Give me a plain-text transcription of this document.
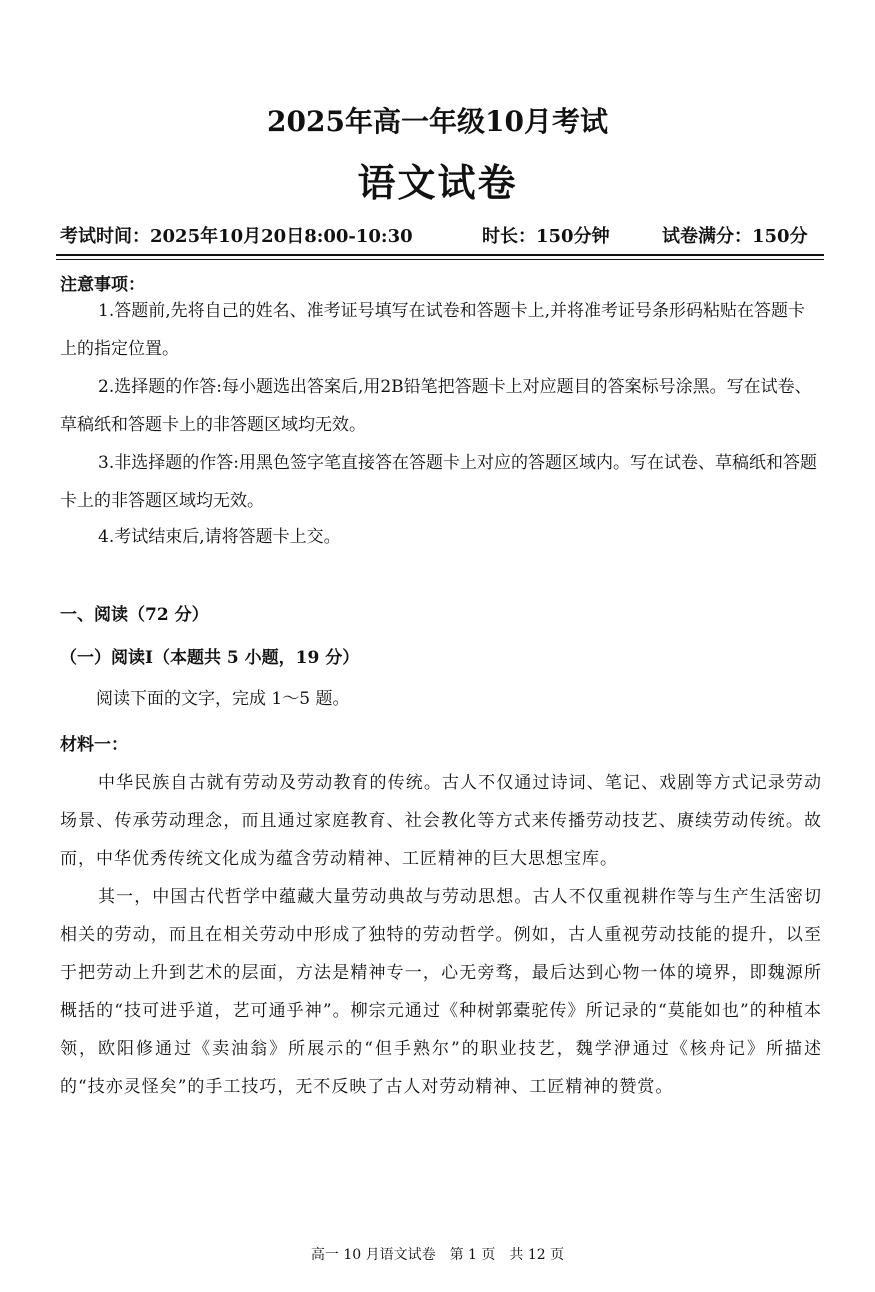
2025年高一年级10月考试
语文试卷
考试时间：2025年10月20日8:00-10:30	时长：150分钟	试卷满分：150分
注意事项：

1.答题前,先将自己的姓名、准考证号填写在试卷和答题卡上,并将准考证号条形码粘贴在答题卡上的指定位置。

2.选择题的作答:每小题选出答案后,用2B铅笔把答题卡上对应题目的答案标号涂黑。写在试卷、草稿纸和答题卡上的非答题区域均无效。

3.非选择题的作答:用黑色签字笔直接答在答题卡上对应的答题区域内。写在试卷、草稿纸和答题卡上的非答题区域均无效。

4.考试结束后,请将答题卡上交。

一、阅读（72 分）
（一）阅读Ⅰ（本题共 5 小题，19 分）
阅读下面的文字，完成 1～5 题。
材料一：

中华民族自古就有劳动及劳动教育的传统。古人不仅通过诗词、笔记、戏剧等方式记录劳动场景、传承劳动理念，而且通过家庭教育、社会教化等方式来传播劳动技艺、赓续劳动传统。故而，中华优秀传统文化成为蕴含劳动精神、工匠精神的巨大思想宝库。

其一，中国古代哲学中蕴藏大量劳动典故与劳动思想。古人不仅重视耕作等与生产生活密切相关的劳动，而且在相关劳动中形成了独特的劳动哲学。例如，古人重视劳动技能的提升，以至于把劳动上升到艺术的层面，方法是精神专一，心无旁骛，最后达到心物一体的境界，即魏源所概括的“技可进乎道，艺可通乎神”。柳宗元通过《种树郭橐驼传》所记录的“莫能如也”的种植本领，欧阳修通过《卖油翁》所展示的“但手熟尔”的职业技艺，魏学洢通过《核舟记》所描述的“技亦灵怪矣”的手工技巧，无不反映了古人对劳动精神、工匠精神的赞赏。

高一 10 月语文试卷　第 1 页　共 12 页
